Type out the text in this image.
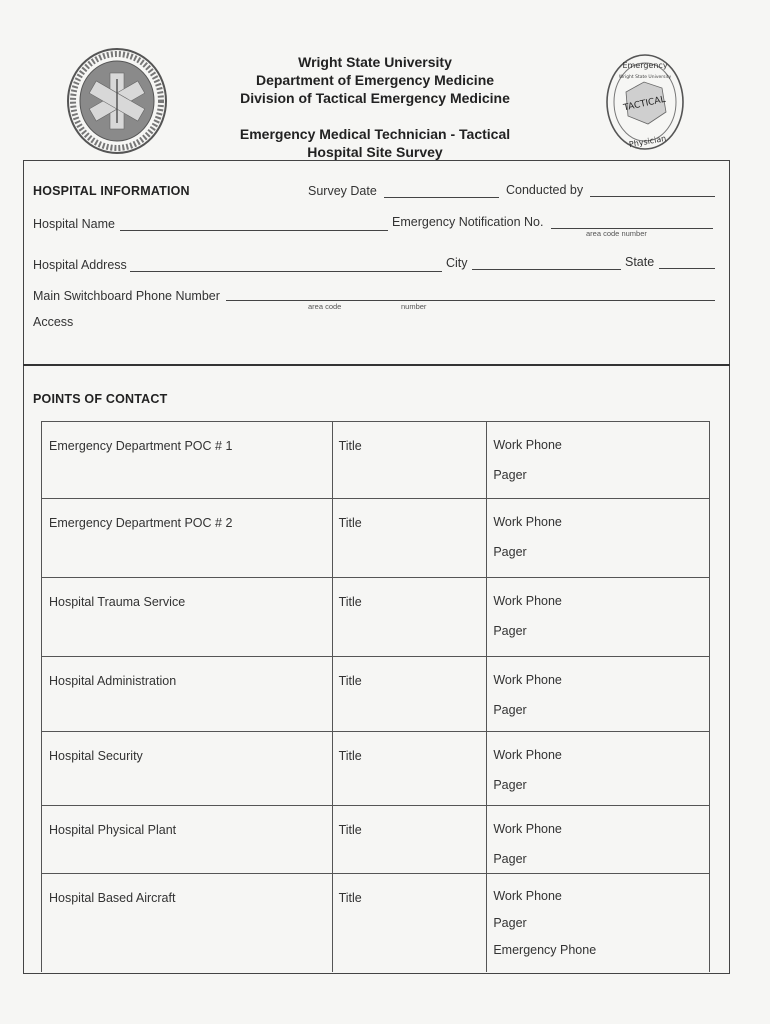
Emergency
TACTICAL
Wright State University
Physician
Wright State University
Department of Emergency Medicine
Division of Tactical Emergency Medicine
Emergency Medical Technician - Tactical
Hospital Site Survey
HOSPITAL INFORMATION	Survey Date	Conducted by
Hospital Name	Emergency Notification No.
area code number
Hospital Address	City	State
Main Switchboard Phone Number
area code	number
Access
POINTS OF CONTACT
Emergency Department POC # 1	Title	Work Phone
Pager
Emergency Department POC # 2	Title	Work Phone
Pager
Hospital Trauma Service	Title	Work Phone
Pager
Hospital Administration	Title	Work Phone
Pager
Hospital Security	Title	Work Phone
Pager
Hospital Physical Plant	Title	Work Phone
Pager
Hospital Based Aircraft	Title	Work Phone
Pager
Emergency Phone
